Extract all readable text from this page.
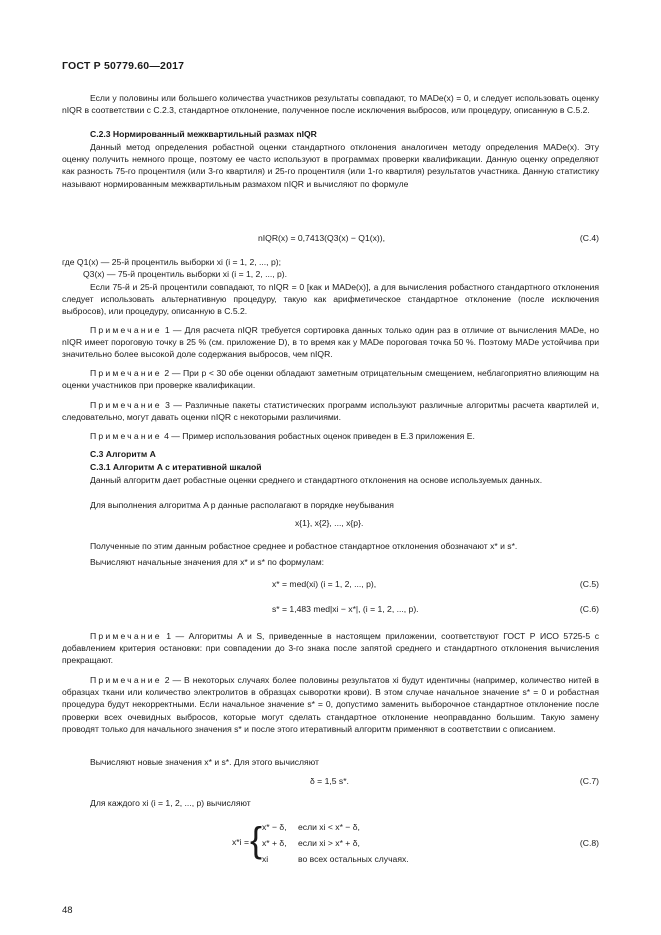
ГОСТ Р 50779.60—2017
Если у половины или большего количества участников результаты совпадают, то MADe(x) = 0, и следует использовать оценку nIQR в соответствии с С.2.3, стандартное отклонение, полученное после исключения выбросов, или процедуру, описанную в С.5.2.
С.2.3 Нормированный межквартильный размах nIQR
Данный метод определения робастной оценки стандартного отклонения аналогичен методу определения MADe(x). Эту оценку получить немного проще, поэтому ее часто используют в программах проверки квалификации. Данную оценку определяют как разность 75-го процентиля (или 3-го квартиля) и 25-го процентиля (или 1-го квартиля) результатов участника. Данную статистику называют нормированным межквартильным размахом nIQR и вычисляют по формуле
nIQR(x) = 0,7413(Q3(x) − Q1(x)),	(С.4)
где Q1(x) — 25-й процентиль выборки xi (i = 1, 2, ..., p);
Q3(x) — 75-й процентиль выборки xi (i = 1, 2, ..., p).
Если 75-й и 25-й процентили совпадают, то nIQR = 0 [как и MADe(x)], а для вычисления робастного стандартного отклонения следует использовать альтернативную процедуру, такую как арифметическое стандартное отклонение (после исключения выбросов), или процедуру, описанную в С.5.2.
Примечание 1 — Для расчета nIQR требуется сортировка данных только один раз в отличие от вычисления MADe, но nIQR имеет пороговую точку в 25 % (см. приложение D), в то время как у MADe пороговая точка 50 %. Поэтому MADe устойчива при значительно более высокой доле содержания выбросов, чем nIQR.
Примечание 2 — При p < 30 обе оценки обладают заметным отрицательным смещением, неблагоприятно влияющим на оценки участников при проверке квалификации.
Примечание 3 — Различные пакеты статистических программ используют различные алгоритмы расчета квартилей и, следовательно, могут давать оценки nIQR с некоторыми различиями.
Примечание 4 — Пример использования робастных оценок приведен в Е.3 приложения Е.
С.3 Алгоритм A
С.3.1 Алгоритм A с итеративной шкалой
Данный алгоритм дает робастные оценки среднего и стандартного отклонения на основе используемых данных.
Для выполнения алгоритма A p данные располагают в порядке неубывания
x{1}, x{2}, ..., x{p}.
Полученные по этим данным робастное среднее и робастное стандартное отклонения обозначают x* и s*.
Вычисляют начальные значения для x* и s* по формулам:
x* = med(xi) (i = 1, 2, ..., p),	(С.5)
s* = 1,483 med|xi − x*|, (i = 1, 2, ..., p).	(С.6)
Примечание 1 — Алгоритмы A и S, приведенные в настоящем приложении, соответствуют ГОСТ Р ИСО 5725-5 с добавлением критерия остановки: при совпадении до 3-го знака после запятой среднего и стандартного отклонения вычисления прекращают.
Примечание 2 — В некоторых случаях более половины результатов xi будут идентичны (например, количество нитей в образцах ткани или количество электролитов в образцах сыворотки крови). В этом случае начальное значение s* = 0 и робастная процедура будут некорректными. Если начальное значение s* = 0, допустимо заменить выборочное стандартное отклонение после проверки всех очевидных выбросов, которые могут сделать стандартное отклонение неоправданно большим. Такую замену проводят только для начального значения s* и после этого итеративный алгоритм применяют в соответствии с описанием.
Вычисляют новые значения x* и s*. Для этого вычисляют
δ = 1,5 s*.	(С.7)
Для каждого xi (i = 1, 2, ..., p) вычисляют
x*i = { x* − δ, если xi < x* − δ,
x* + δ, если xi > x* + δ,
xi	во всех остальных случаях.
(С.8)
48
